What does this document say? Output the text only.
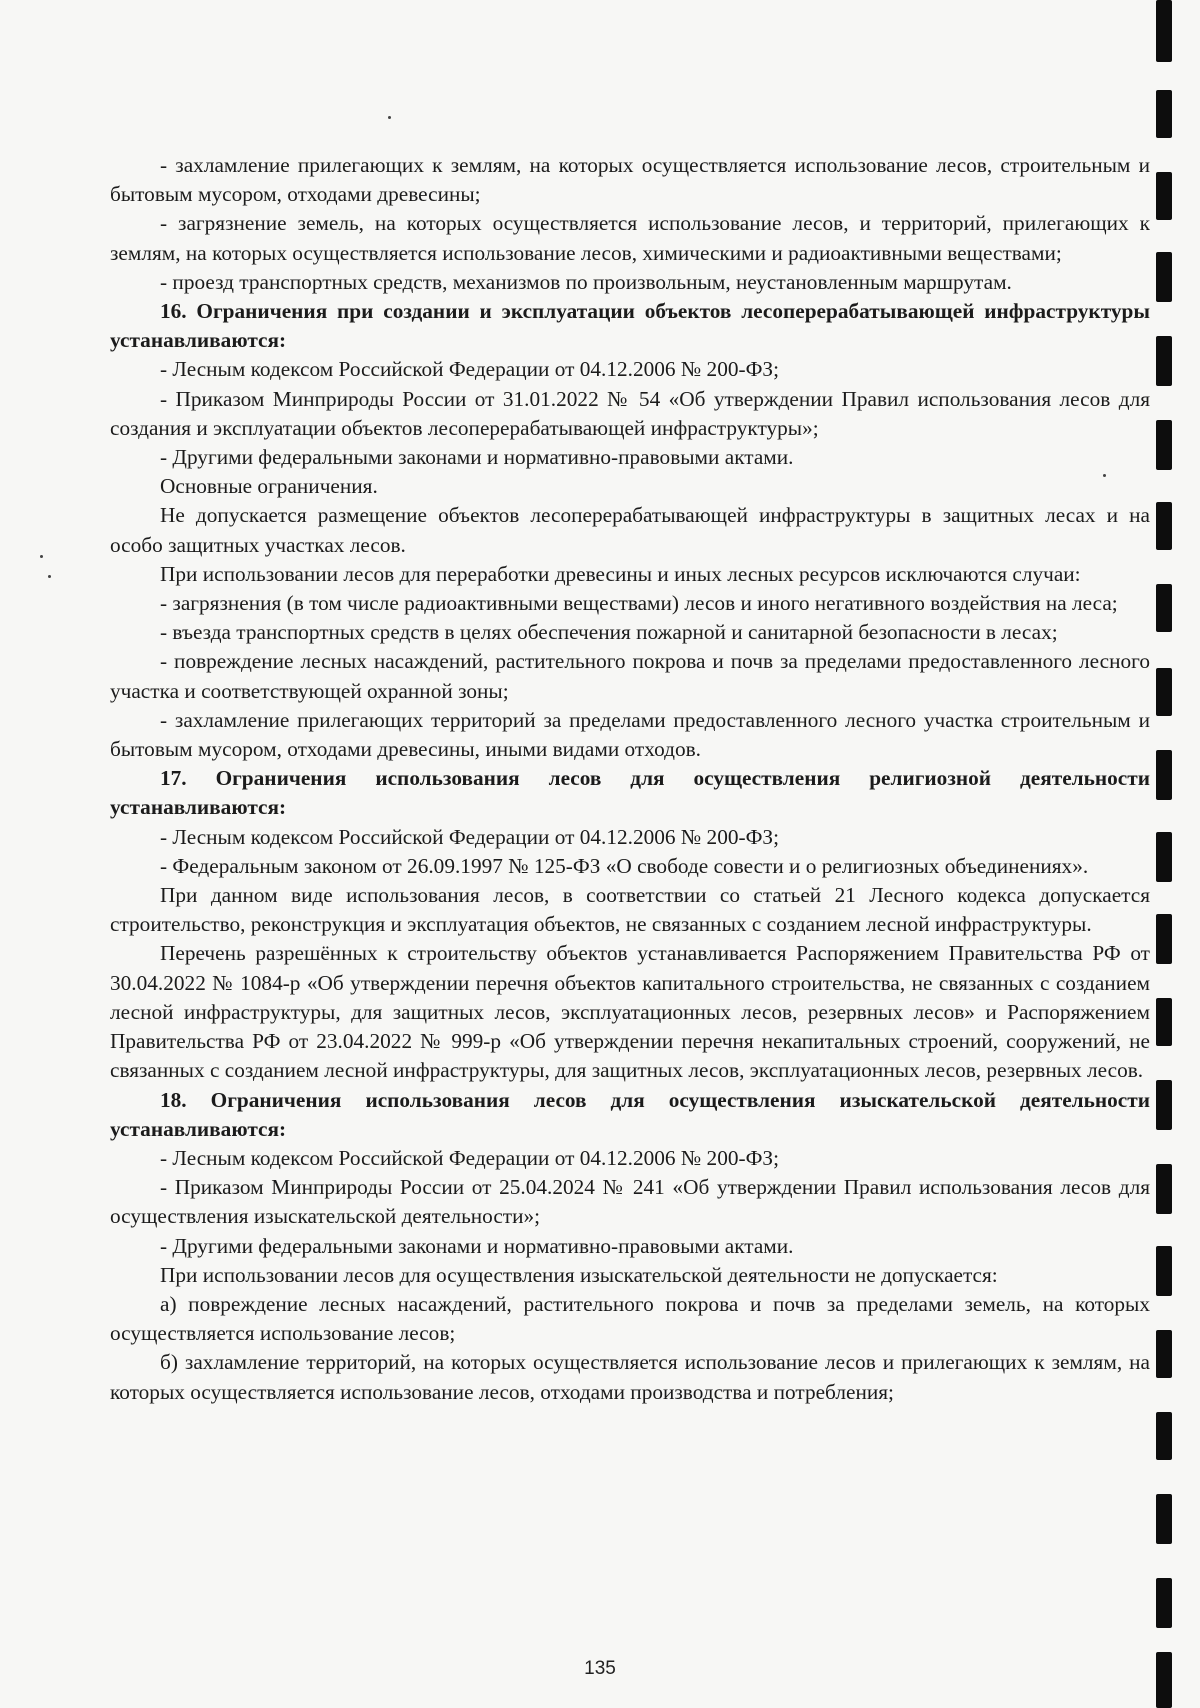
- захламление прилегающих к землям, на которых осуществляется использование лесов, строительным и бытовым мусором, отходами древесины;

- загрязнение земель, на которых осуществляется использование лесов, и территорий, прилегающих к землям, на которых осуществляется использование лесов, химическими и радиоактивными веществами;

- проезд транспортных средств, механизмов по произвольным, неустановленным маршрутам.

16. Ограничения при создании и эксплуатации объектов лесоперерабатывающей инфраструктуры устанавливаются:

- Лесным кодексом Российской Федерации от 04.12.2006 № 200-ФЗ;

- Приказом Минприроды России от 31.01.2022 № 54 «Об утверждении Правил использования лесов для создания и эксплуатации объектов лесоперерабатывающей инфраструктуры»;

- Другими федеральными законами и нормативно-правовыми актами.

Основные ограничения.

Не допускается размещение объектов лесоперерабатывающей инфраструктуры в защитных лесах и на особо защитных участках лесов.

При использовании лесов для переработки древесины и иных лесных ресурсов исключаются случаи:

- загрязнения (в том числе радиоактивными веществами) лесов и иного негативного воздействия на леса;

- въезда транспортных средств в целях обеспечения пожарной и санитарной безопасности в лесах;

- повреждение лесных насаждений, растительного покрова и почв за пределами предоставленного лесного участка и соответствующей охранной зоны;

- захламление прилегающих территорий за пределами предоставленного лесного участка строительным и бытовым мусором, отходами древесины, иными видами отходов.

17. Ограничения использования лесов для осуществления религиозной деятельности устанавливаются:

- Лесным кодексом Российской Федерации от 04.12.2006 № 200-ФЗ;

- Федеральным законом от 26.09.1997 № 125-ФЗ «О свободе совести и о религиозных объединениях».

При данном виде использования лесов, в соответствии со статьей 21 Лесного кодекса допускается строительство, реконструкция и эксплуатация объектов, не связанных с созданием лесной инфраструктуры.

Перечень разрешённых к строительству объектов устанавливается Распоряжением Правительства РФ от 30.04.2022 № 1084-р «Об утверждении перечня объектов капитального строительства, не связанных с созданием лесной инфраструктуры, для защитных лесов, эксплуатационных лесов, резервных лесов» и Распоряжением Правительства РФ от 23.04.2022 № 999-р «Об утверждении перечня некапитальных строений, сооружений, не связанных с созданием лесной инфраструктуры, для защитных лесов, эксплуатационных лесов, резервных лесов.

18. Ограничения использования лесов для осуществления изыскательской деятельности устанавливаются:

- Лесным кодексом Российской Федерации от 04.12.2006 № 200-ФЗ;

- Приказом Минприроды России от 25.04.2024 № 241 «Об утверждении Правил использования лесов для осуществления изыскательской деятельности»;

- Другими федеральными законами и нормативно-правовыми актами.

При использовании лесов для осуществления изыскательской деятельности не допускается:

а) повреждение лесных насаждений, растительного покрова и почв за пределами земель, на которых осуществляется использование лесов;

б) захламление территорий, на которых осуществляется использование лесов и прилегающих к землям, на которых осуществляется использование лесов, отходами производства и потребления;

135
